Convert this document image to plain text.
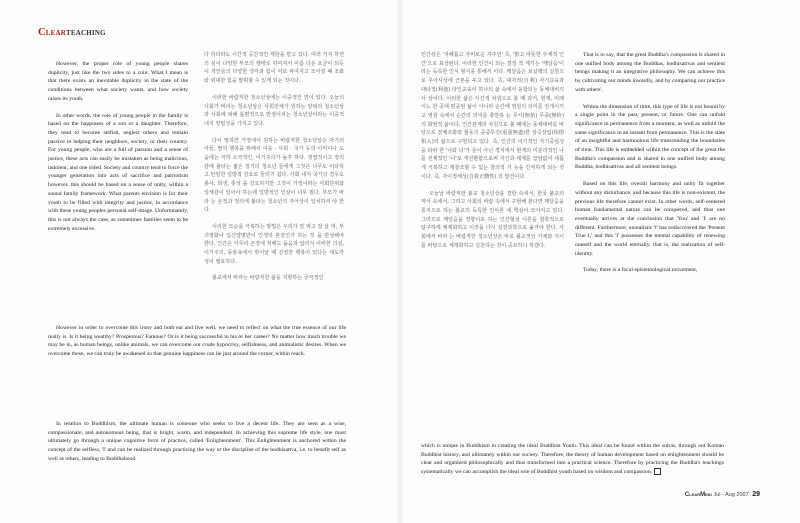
Clearteaching

However, the proper role of young people shares duplicity, just like the two sides to a coin. What I mean is that there exists an inevitable duplicity in the state of the conditions between what society wants, and how society raises its youth.

In other words, the role of young people in the family is based on the happiness of a son or a daughter. Therefore, they tend to become selfish, neglect others and remain passive in helping their neighbors, society, or their country. For young people, who are a full of passion and a sense of justice, these acts can easily be mistaken as being malicious, indolent, and one sided. Society and country tend to force the younger generation into acts of sacrifice and patriotism however. this should be based on a sense of unity, within a sound family framework. What parents envision is for their youth to be filled with integrity and justice, in accordance with these young peoples personal self-image. Unfortunately, this is not always the case, as sometimes families seem to be extremely excessive.

다 하더라도 시간적 공간적인 제한을 받고 있다. 여러 가지 하면의 심이 다양한 부모의 행태로 하여져서 이름 다운 요금이 되듯이 개인들의 다양한 생각과 힘이 서로 싸여지고 모아질 때 조화와 위대한 힘을 발휘할 수 있게 되는 것이다.

이러한 바람직한 청소년상에는 이중적인 면이 있다. 오늘의 사회가 바라는 청소년상은 사회전체가 원하는 양위의 청소년상과 사회에 피해 롭편적으로 반점이치는 청소년상이라는 이중적 내지 양립성을 가지고 있다.

다시 말하면 가정에서 원하는 바람직한 청소년상은 자기의 아들, 딸의 행복을 위해서 이웃 · 사회 · 국가 등의 이익이나 도움에는 극히 소극적인, 이기주의가 높후 하다. 정열적이고 정의감에 불타는 젊은 청기의 청소년 들에게 그것은 너무도 이타하고 안일한 일방적 강요로 들리기 쉽다. 사회 내지 국가의 경우도 봉사, 희생, 충성 을 강요하지만 그것이 가정이라는 사회단위와 일체감이 있어야 하는데 일방적인 인상이 너무 짙다. 부모가 바라 는 온정과 정의에 불타는 청소년의 자아상이 일치하여 야 한다.

이러한 모순을 극복하는 방법은 우리가 잘 먹고 잘 살 며, 부귀영화나 입신양명만이 인생의 본질인가 하는 것 을 반성해야 한다. 인간은 아무리 곤경에 처해도 돕음과 답리식 이비한 의심, 이기주의, 동물욕에서 벗어날 때 진정한 행복이 있다는 대도각성이 필요하다.

불교에서 바라는 바람직한 삶을 지향하는 궁극적인

However in order to overcome this irony and both eat and live well, we need to reflect on what the true essence of our life really is. Is it being wealthy? Prosperous? Famous? Or is it being successful in his or her career? No matter how much trouble we may be in, as human beings, unlike animals, we can overcome our crude hypocrisy, selfishness, and animalistic desires. When we overcome these, we can truly be awakened so that genuine happiness can lie just around the corner, within reach.

In relation to Buddhism, the ultimate human is someone who seeks to live a decent life. They are seen as a wise, compassionate, and autonomous being, that is bright, warm, and independent. In achieving this supreme life style, one must ultimately go through a unique cognitive form of practice, called 'Enlightenment'. This Enlightenment is anchored within the concept of the selfless, 'I' and can be realized through practicing the way or the discipline of the bodhisattva, i.e. to benefit self as well as others, leading to Buddhahood.

인간상은 '지혜롭고 자비로운 자주인' 즉, '밝고 따뜻한 주체적 인간'으로 표상된다. 이러한 인간이 되는 결정 적 계기는 '깨달음'이라는 독특한 인식 형식을 통해서 이다. 깨달음은 보살행의 실천으로 무아사상에 근본을 두고 있다. 즉, 대자적(自利) 자기교육과 대타적(利他) 타인교육이 하나의 삶 속에서 융합되는 동체대비의 사 상이다. 이러한 삶은 시간적 차원으로 볼 때 과거, 현재, 미래 어느 한 곳에 편중된 삶이 아니라 순간에 영원의 의미를 전개시키고 영원 속에서 순간의 의미를 충만하 는 무시(無始) 무종(無終)의 화엄적 삶이다. 인간관계의 차원으로 볼 때에는 동체대비를 바탕으로 전체조화와 협동의 중중무진(重重無盡)한 상즉상입(相卽相入)의 삶으로 구현되고 있다. 즉, 인간의 이기적인 자기중심성을 타파 한 '나와 너'가 둘이 아닌 경지에서 현재의 미분리적인 나를 전제적인 '나'로 재전환함으로써 자신과 세계를 끊임없이 새롭게 극복하고 재창조할 수 있는 창의적 기 능을 간직하게 되는 것이다. 즉, 자이정체성(自我正體性) 의 발견이다.

오늘날 바람직한 불교 청소년상을 결한 속에서, 한국 불교의 역사 속에서, 그리고 사회의 바람 속에서 구현해 본다면 깨달음을 통지으로 하는 불교의 독특한 인식론 에 핵심이 모아지고 있다. 그러므로 깨달음을 정향이로 하는 인간형성 이론을 철학적으로 탐구하게 체계화하고 이것을 다시 실천과학으로 옮겨야 한다. 사회에서 바라 는 바람직한 청소년상은 바로 불교적인 기체와 지시를 바탕으로 체계화하고 실천하는 것이 중요하다 하겠다.

That is to say, that the great Buddha's compassion is shared in one unified body among the Buddhas, bodhisattvas and sentient beings making it an integrative philosophy. We can achieve this by cultivating our minds inwardly, and by comparing our practice with others'.

Within the dimension of time, this type of life is not bound by a single point in the past, present, or future. One can unfold significance in permanence from a moment, as well as unfold the same significance in an instant from permanence. This is the state of an insightful and harmonious life transcending the boundaries of time. This life is embedded within the concept of the great the Buddha's compassion and is shared in one unified body among Buddha, bodhisattvas and all sentient beings.

Based on this life, overall harmony and unity fit together without any disturbance, and because this life is non-existent, the previous life therefore cannot exist. In other words, self-centered human fundamental nature can be conquered, and thus one eventually arrives at the conclusion that 'You' and 'I' are no different. Furthermore, unrealistic 'I' has rediscovered the 'Present True I,' and this 'I' possesses the mental capability of renewing oneself and the world eternally, that is, the realization of self-identity.

Today, there is a focal epistemological movement,

which is unique in Buddhism in creating the ideal Buddhist Youth. This ideal can be found within the sutras, through out Korean Buddhist history, and ultimately within our society. Therefore, the theory of human development based on enlightenment should be clear and organized philosophically and thus transformed into a practical science. Therefore by practicing the Buddha's teachings systematically we can accomplish the ideal role of Buddhist youth based on wisdom and compassion.

ClearMind Jul - Aug 2007 29
